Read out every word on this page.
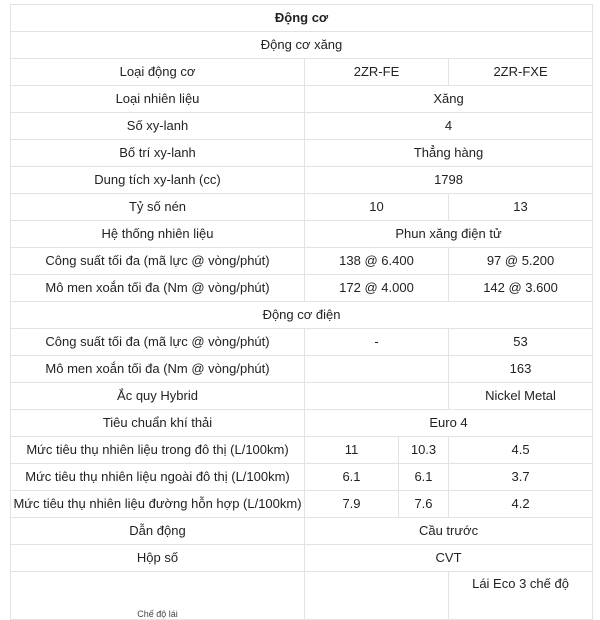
Động cơ			
Động cơ xăng			
Loại động cơ	2ZR-FE		2ZR-FXE
Loại nhiên liệu	Xăng		
Số xy-lanh	4		
Bố trí xy-lanh	Thẳng hàng		
Dung tích xy-lanh (cc)	1798		
Tỷ số nén	10		13
Hệ thống nhiên liệu	Phun xăng điện tử		
Công suất tối đa (mã lực @ vòng/phút)	138 @ 6.400		97 @ 5.200
Mô men xoắn tối đa (Nm @ vòng/phút)	172 @ 4.000		142 @ 3.600
Động cơ điện			
Công suất tối đa (mã lực @ vòng/phút)	-		53
Mô men xoắn tối đa (Nm @ vòng/phút)			163
Ắc quy Hybrid			Nickel Metal
Tiêu chuẩn khí thải	Euro 4		
Mức tiêu thụ nhiên liệu trong đô thị (L/100km)	11	10.3	4.5
Mức tiêu thụ nhiên liệu ngoài đô thị (L/100km)	6.1	6.1	3.7
Mức tiêu thụ nhiên liệu đường hỗn hợp (L/100km)	7.9	7.6	4.2
Dẫn động	Cầu trước		
Hộp số	CVT		
Chế độ lái			Lái Eco 3 chế độ
